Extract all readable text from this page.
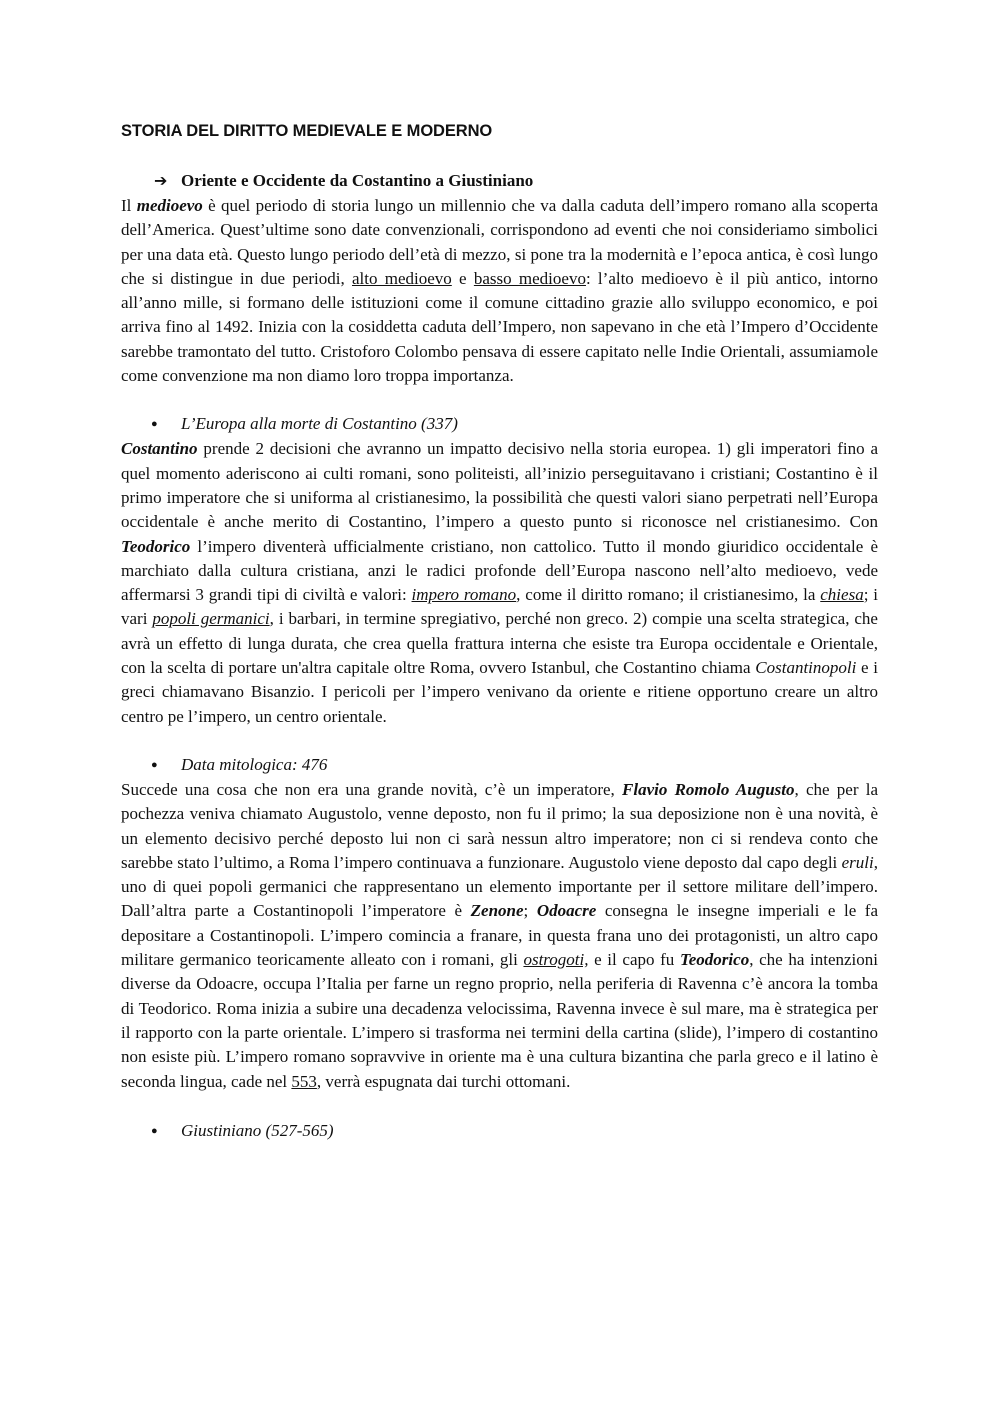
STORIA DEL DIRITTO MEDIEVALE E MODERNO
➔ Oriente e Occidente da Costantino a Giustiniano

Il medioevo è quel periodo di storia lungo un millennio che va dalla caduta dell’impero romano alla scoperta dell’America. Quest’ultime sono date convenzionali, corrispondono ad eventi che noi consideriamo simbolici per una data età. Questo lungo periodo dell’età di mezzo, si pone tra la modernità e l’epoca antica, è così lungo che si distingue in due periodi, alto medioevo e basso medioevo: l’alto medioevo è il più antico, intorno all’anno mille, si formano delle istituzioni come il comune cittadino grazie allo sviluppo economico, e poi arriva fino al 1492. Inizia con la cosiddetta caduta dell’Impero, non sapevano in che età l’Impero d’Occidente sarebbe tramontato del tutto. Cristoforo Colombo pensava di essere capitato nelle Indie Orientali, assumiamole come convenzione ma non diamo loro troppa importanza.

●	L’Europa alla morte di Costantino (337)

Costantino prende 2 decisioni che avranno un impatto decisivo nella storia europea. 1) gli imperatori fino a quel momento aderiscono ai culti romani, sono politeisti, all’inizio perseguitavano i cristiani; Costantino è il primo imperatore che si uniforma al cristianesimo, la possibilità che questi valori siano perpetrati nell’Europa occidentale è anche merito di Costantino, l’impero a questo punto si riconosce nel cristianesimo. Con Teodorico l’impero diventerà ufficialmente cristiano, non cattolico. Tutto il mondo giuridico occidentale è marchiato dalla cultura cristiana, anzi le radici profonde dell’Europa nascono nell’alto medioevo, vede affermarsi 3 grandi tipi di civiltà e valori: impero romano, come il diritto romano; il cristianesimo, la chiesa; i vari popoli germanici, i barbari, in termine spregiativo, perché non greco. 2) compie una scelta strategica, che avrà un effetto di lunga durata, che crea quella frattura interna che esiste tra Europa occidentale e Orientale, con la scelta di portare un'altra capitale oltre Roma, ovvero Istanbul, che Costantino chiama Costantinopoli e i greci chiamavano Bisanzio. I pericoli per l’impero venivano da oriente e ritiene opportuno creare un altro centro pe l’impero, un centro orientale.

●	Data mitologica: 476

Succede una cosa che non era una grande novità, c’è un imperatore, Flavio Romolo Augusto, che per la pochezza veniva chiamato Augustolo, venne deposto, non fu il primo; la sua deposizione non è una novità, è un elemento decisivo perché deposto lui non ci sarà nessun altro imperatore; non ci si rendeva conto che sarebbe stato l’ultimo, a Roma l’impero continuava a funzionare. Augustolo viene deposto dal capo degli eruli, uno di quei popoli germanici che rappresentano un elemento importante per il settore militare dell’impero. Dall’altra parte a Costantinopoli l’imperatore è Zenone; Odoacre consegna le insegne imperiali e le fa depositare a Costantinopoli. L’impero comincia a franare, in questa frana uno dei protagonisti, un altro capo militare germanico teoricamente alleato con i romani, gli ostrogoti, e il capo fu Teodorico, che ha intenzioni diverse da Odoacre, occupa l’Italia per farne un regno proprio, nella periferia di Ravenna c’è ancora la tomba di Teodorico. Roma inizia a subire una decadenza velocissima, Ravenna invece è sul mare, ma è strategica per il rapporto con la parte orientale. L’impero si trasforma nei termini della cartina (slide), l’impero di costantino non esiste più. L’impero romano sopravvive in oriente ma è una cultura bizantina che parla greco e il latino è seconda lingua, cade nel 553, verrà espugnata dai turchi ottomani.

●	Giustiniano (527-565)
